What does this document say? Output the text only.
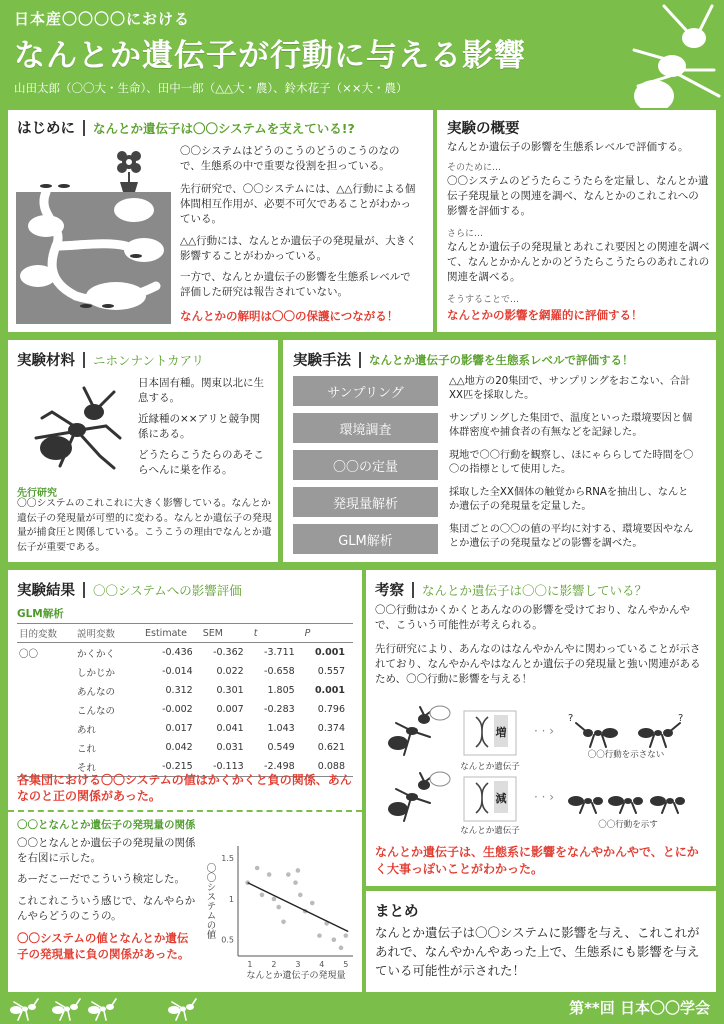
日本産〇〇〇〇における
なんとか遺伝子が行動に与える影響
山田太郎（〇〇大・生命）、田中一郎（△△大・農）、鈴木花子（××大・農）
はじめに なんとか遺伝子は〇〇システムを支えている!?
〇〇システムはどうのこうのどうのこうのなので、生態系の中で重要な役割を担っている。
先行研究で、〇〇システムには、△△行動による個体間相互作用が、必要不可欠であることがわかっている。
△△行動には、なんとか遺伝子の発現量が、大きく影響することがわかっている。
一方で、なんとか遺伝子の影響を生態系レベルで評価した研究は報告されていない。
なんとかの解明は〇〇の保護につながる！
実験の概要
なんとか遺伝子の影響を生態系レベルで評価する。
そのために…
〇〇システムのどうたらこうたらを定量し、なんとか遺伝子発現量との関連を調べ、なんとかのこれこれへの影響を評価する。
さらに…
なんとか遺伝子の発現量とあれこれ要因との関連を調べて、なんとかかんとかのどうたらこうたらのあれこれの関連を調べる。
そうすることで…
なんとかの影響を網羅的に評価する！
実験材料 ニホンナントカアリ
日本固有種。関東以北に生息する。
近縁種の××アリと競争関係にある。
どうたらこうたらのあそこらへんに巣を作る。
先行研究
〇〇システムのこれこれに大きく影響している。なんとか遺伝子の発現量が可塑的に変わる。なんとか遺伝子の発現量が捕食圧と関係している。こうこうの理由でなんとか遺伝子が重要である。
実験手法 なんとか遺伝子の影響を生態系レベルで評価する！
サンプリング
△△地方の20集団で、サンプリングをおこない、合計XX匹を採取した。
環境調査
サンプリングした集団で、温度といった環境要因と個体群密度や捕食者の有無などを記録した。
〇〇の定量
現地で〇〇行動を観察し、ほにゃららしてた時間を〇〇の指標として使用した。
発現量解析
採取した全XX個体の触覚からRNAを抽出し、なんとか遺伝子の発現量を定量した。
GLM解析
集団ごとの〇〇の値の平均に対する、環境要因やなんとか遺伝子の発現量などの影響を調べた。
実験結果 〇〇システムへの影響評価
GLM解析
目的変数	説明変数	Estimate	SEM	t	P
〇〇	かくかく	-0.436	-0.362	-3.711	0.001
	しかじか	-0.014	0.022	-0.658	0.557
	あんなの	0.312	0.301	1.805	0.001
	こんなの	-0.002	0.007	-0.283	0.796
	あれ	0.017	0.041	1.043	0.374
	これ	0.042	0.031	0.549	0.621
	それ	-0.215	-0.113	-2.498	0.088
各集団における〇〇システムの値はかくかくと負の関係、あんなのと正の関係があった。
〇〇となんとか遺伝子の発現量の関係
〇〇となんとか遺伝子の発現量の関係を右図に示した。
あーだこーだでこういう検定した。
これこれこういう感じで、なんやらかんやらどうのこうの。
〇〇システムの値となんとか遺伝子の発現量に負の関係があった。
〇〇システムの値
なんとか遺伝子の発現量
1 2 3 4 5
0.5
1
1.5
考察 なんとか遺伝子は〇〇に影響している？
〇〇行動はかくかくとあんなのの影響を受けており、なんやかんやで、こういう可能性が考えられる。
先行研究により、あんなのはなんやかんやに関わっていることが示されており、なんやかんやはなんとか遺伝子の発現量と強い関連があるため、〇〇行動に影響を与える！
増
なんとか遺伝子
· · ›
?	?
〇〇行動を示さない
減
なんとか遺伝子
· · ›
〇〇行動を示す
なんとか遺伝子は、生態系に影響をなんやかんやで、とにかく大事っぽいことがわかった。
まとめ
なんとか遺伝子は〇〇システムに影響を与え、これこれがあれで、なんやかんやあった上で、生態系にも影響を与えている可能性が示された！
第**回 日本〇〇学会
